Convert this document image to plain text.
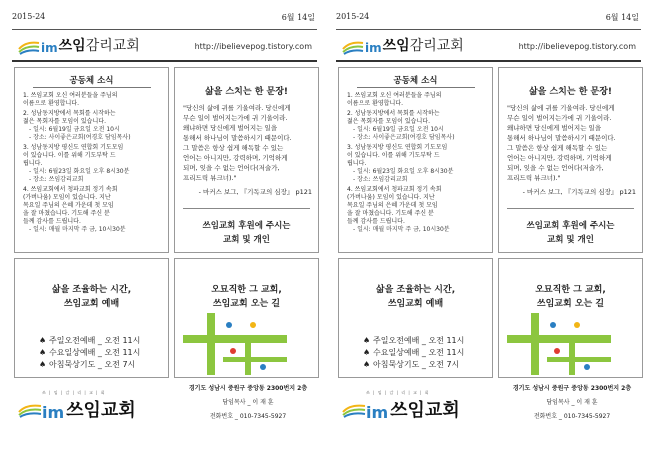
2015-24	6월 14일
im 쓰임 감리교회	http://ibelievepog.tistory.com
공동체 소식
1. 쓰임교회 오신 여러분들을 주님의
이름으로 환영합니다.
2. 성남동지방에서 목회를 시작하는
젊은 목회자를 모임이 있습니다.
- 일시: 6월19일 금요일 오전 10시
- 장소: 사이좋은교회(여경호 담임목사)
3. 성남동지방 평신도 연합회 기도모임
이 있습니다. 이를 위해 기도부탁 드
립니다.
- 일시: 6월23일 화요일 오후 8시30분
- 장소: 쓰임감리교회
4. 쓰임교회에서 청파교회 정기 속회
(가버나움) 모임이 있습니다. 지난
목요일 주님의 은혜 가운데 첫 모임
을 잘 마쳤습니다. 기도해 주신 분
들께 감사를 드립니다.
- 일시: 매월 마지막 주 금, 10시30분
삶을 스치는 한 문장!
"당신의 삶에 귀를 기울여라. 당신에게
무슨 일이 벌어지는가에 귀 기울이라.
왜냐하면 당신에게 벌어지는 일을
통해서 하나님이 말씀하시기 때문이다.
그 말씀은 항상 쉽게 해독할 수 있는
언어는 아니지만, 강력하며, 기억하게
되며, 잊을 수 없는 언어다(저술가,
프리드릭 뷰크너)."
- 마커스 보그, 『기독교의 심장』 p121
쓰임교회 후원에 주시는
교회 및 개인
삶을 조율하는 시간,
쓰임교회 예배
♠ 주일오전예배 _ 오전 11시
♠ 수요일상예배 _ 오전 11시
♠ 아침묵상기도 _ 오전 7시
오묘직한 그 교회,
쓰임교회 오는 길
쓰 | 임 | 감 | 리 | 교 | 회
im 쓰임교회
경기도 성남시 중원구 중앙동 2300번지 2층
담임목사 _ 이 재 훈
전화번호 _ 010-7345-5927
2015-24	6월 14일
im 쓰임 감리교회	http://ibelievepog.tistory.com
공동체 소식
1. 쓰임교회 오신 여러분들을 주님의
이름으로 환영합니다.
2. 성남동지방에서 목회를 시작하는
젊은 목회자를 모임이 있습니다.
- 일시: 6월19일 금요일 오전 10시
- 장소: 사이좋은교회(여경호 담임목사)
3. 성남동지방 평신도 연합회 기도모임
이 있습니다. 이를 위해 기도부탁 드
립니다.
- 일시: 6월23일 화요일 오후 8시30분
- 장소: 쓰임감리교회
4. 쓰임교회에서 청파교회 정기 속회
(가버나움) 모임이 있습니다. 지난
목요일 주님의 은혜 가운데 첫 모임
을 잘 마쳤습니다. 기도해 주신 분
들께 감사를 드립니다.
- 일시: 매월 마지막 주 금, 10시30분
삶을 스치는 한 문장!
"당신의 삶에 귀를 기울여라. 당신에게
무슨 일이 벌어지는가에 귀 기울이라.
왜냐하면 당신에게 벌어지는 일을
통해서 하나님이 말씀하시기 때문이다.
그 말씀은 항상 쉽게 해독할 수 있는
언어는 아니지만, 강력하며, 기억하게
되며, 잊을 수 없는 언어다(저술가,
프리드릭 뷰크너)."
- 마커스 보그, 『기독교의 심장』 p121
쓰임교회 후원에 주시는
교회 및 개인
삶을 조율하는 시간,
쓰임교회 예배
♠ 주일오전예배 _ 오전 11시
♠ 수요일상예배 _ 오전 11시
♠ 아침묵상기도 _ 오전 7시
오묘직한 그 교회,
쓰임교회 오는 길
쓰 | 임 | 감 | 리 | 교 | 회
im 쓰임교회
경기도 성남시 중원구 중앙동 2300번지 2층
담임목사 _ 이 재 훈
전화번호 _ 010-7345-5927
